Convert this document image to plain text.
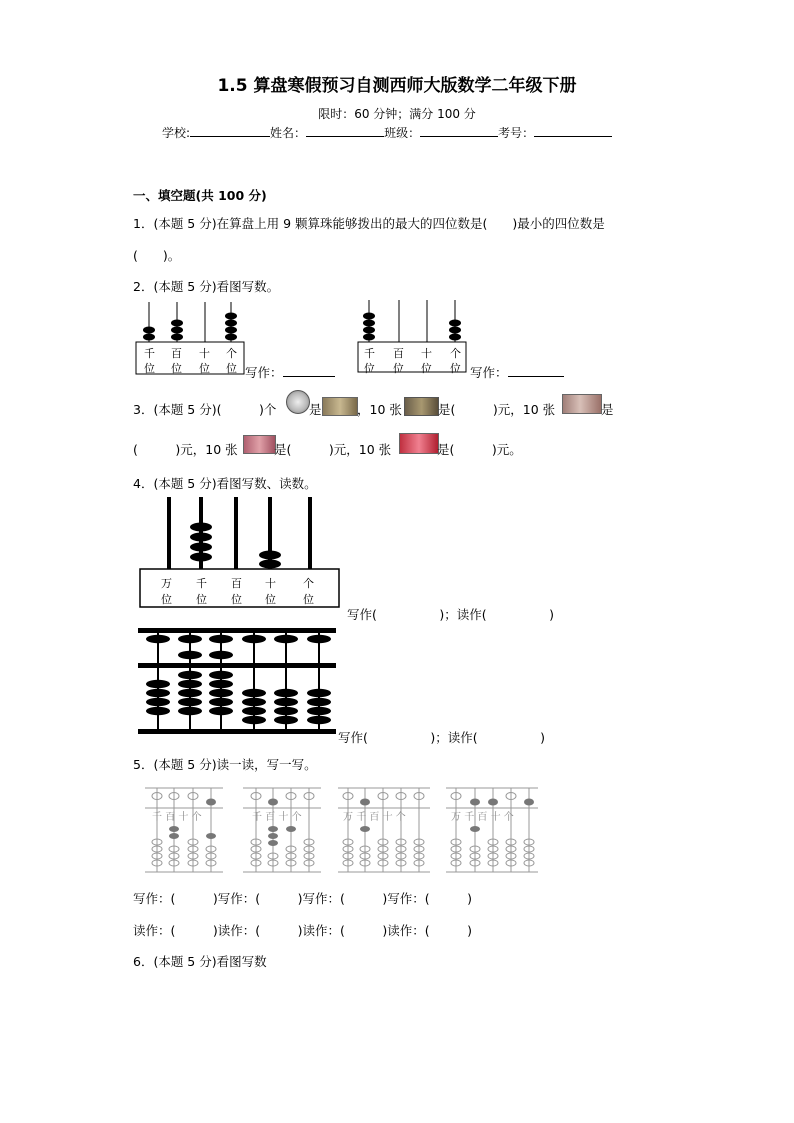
1.5 算盘寒假预习自测西师大版数学二年级下册
限时：60 分钟；满分 100 分
学校:	姓名：	班级：	考号：
一、填空题(共 100 分)
1．(本题 5 分)在算盘上用 9 颗算珠能够拨出的最大的四位数是(　　)最小的四位数是
(　　)。
2．(本题 5 分)看图写数。
千 百 十 个
位 位 位 位 写作：
千 百 十 个
位 位 位 位 写作：
3．(本题 5 分)(　　　)个	是	，10 张	是(　　　)元，10 张	是
(　　　)元，10 张	是(　　　)元，10 张	是(　　　)元。
4．(本题 5 分)看图写数、读数。
万 千 百 十 个
位 位 位 位 位
写作(　　　　　)；读作(　　　　　)
写作(　　　　　)；读作(　　　　　)
5．(本题 5 分)读一读，写一写。
千 百 十 个	千 百 十 个	万 千 百 十 个	万 千 百 十 个
写作：(　　　)写作：(　　　)写作：(　　　)写作：(　　　)
读作：(　　　)读作：(　　　)读作：(　　　)读作：(　　　)
6．(本题 5 分)看图写数
